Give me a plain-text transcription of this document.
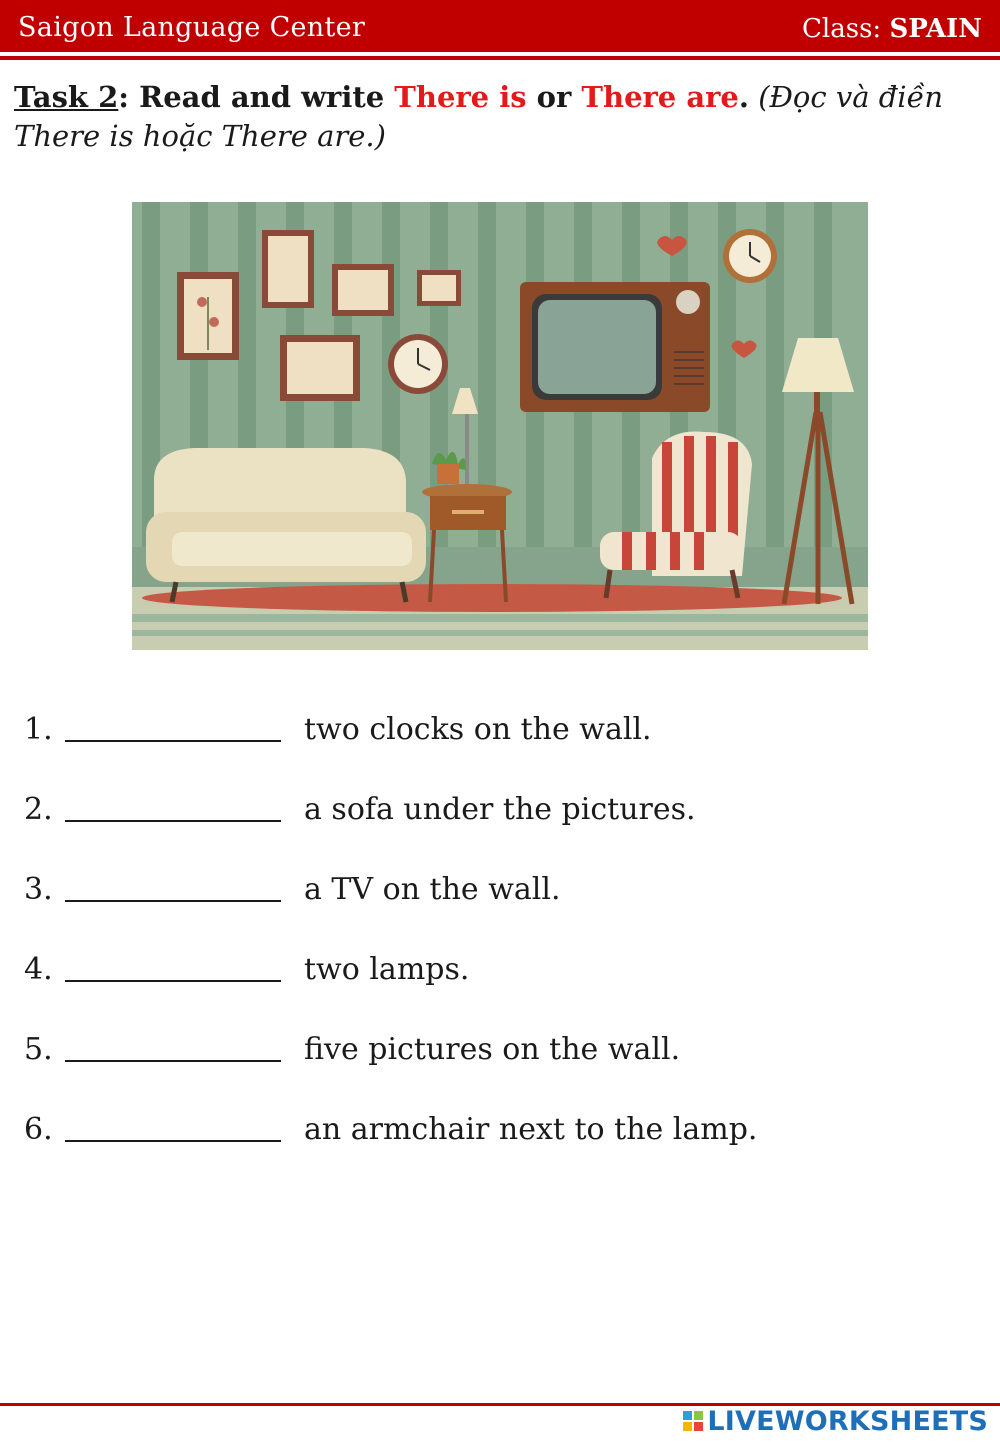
Saigon Language Center	Class: SPAIN
Task 2: Read and write There is or There are. (Đọc và điền There is hoặc There are.)
1.	two clocks on the wall.
2.	a sofa under the pictures.
3.	a TV on the wall.
4.	two lamps.
5.	five pictures on the wall.
6.	an armchair next to the lamp.
LIVEWORKSHEETS
